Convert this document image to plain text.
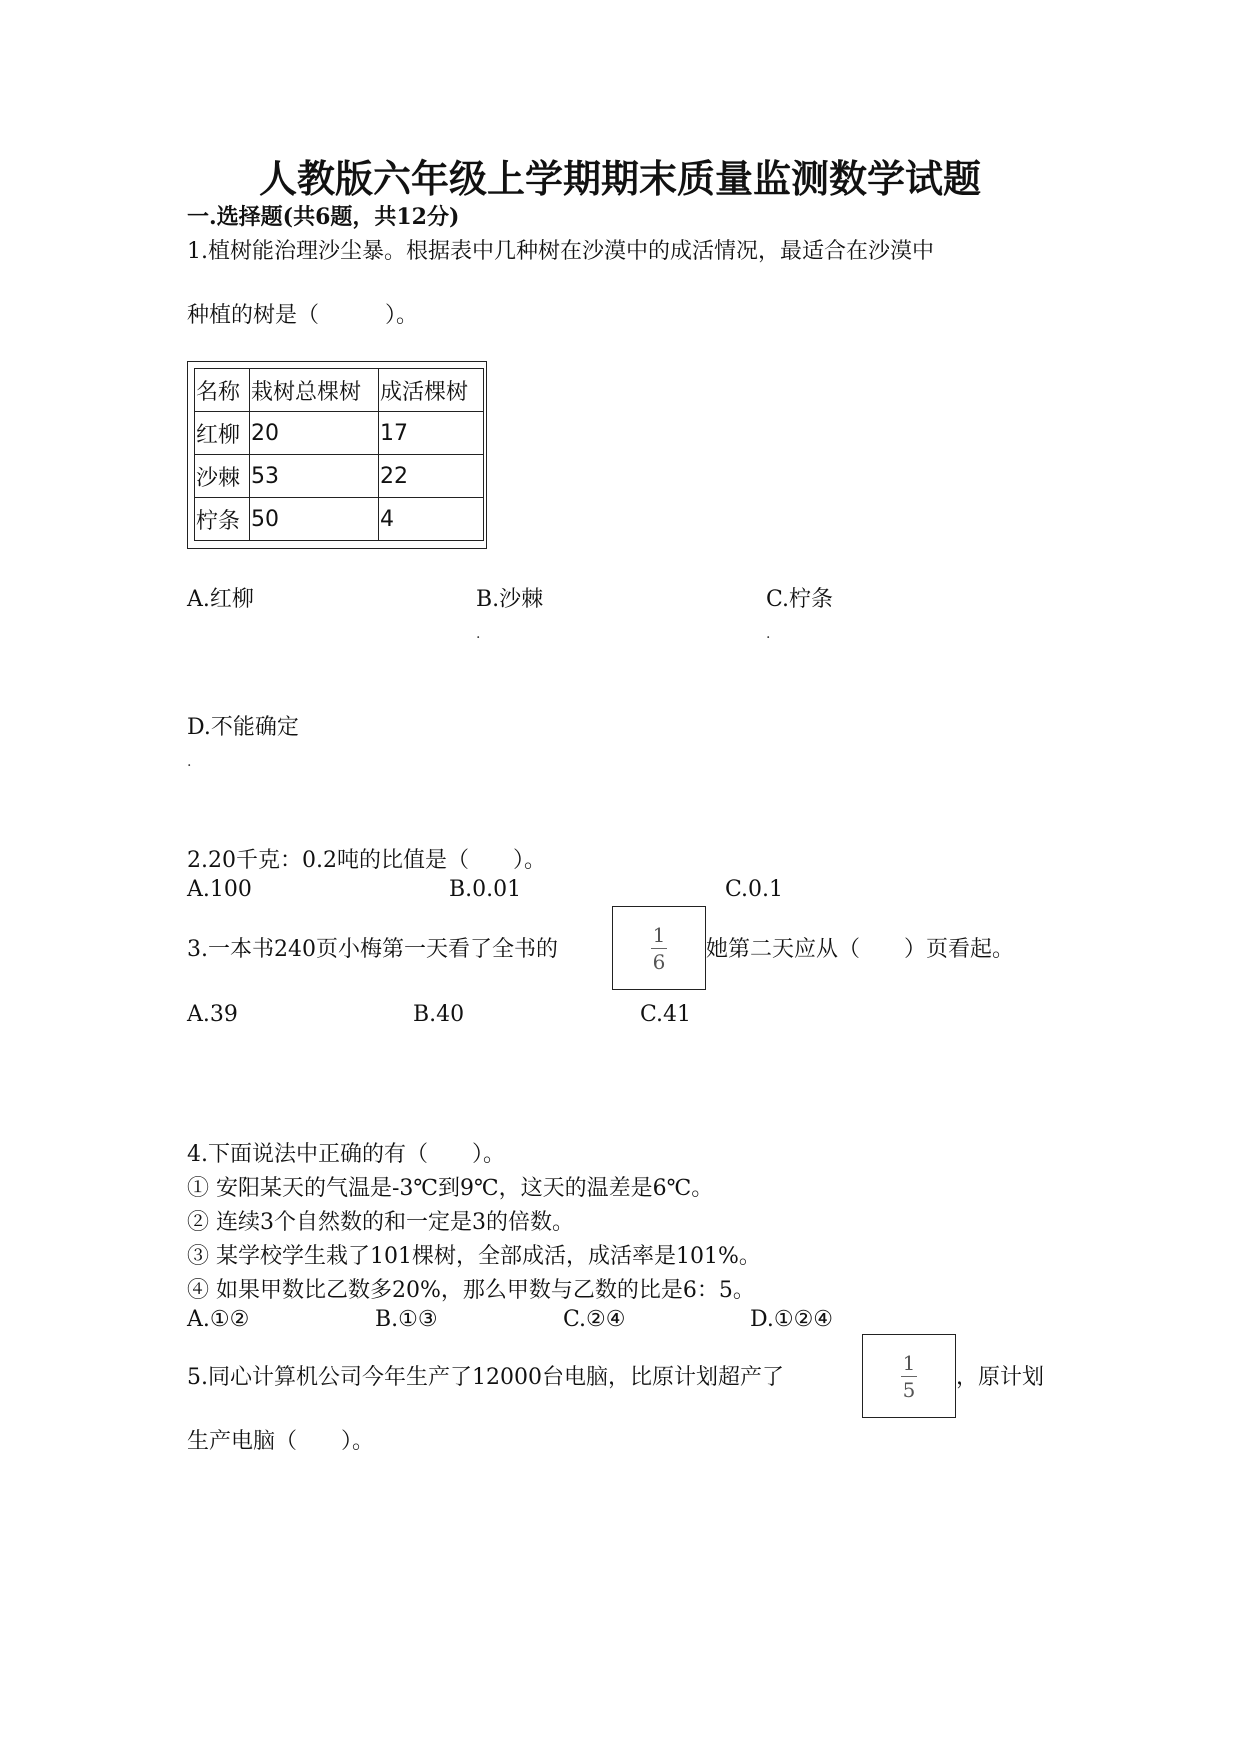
人教版六年级上学期期末质量监测数学试题
一.选择题(共6题，共12分)
1.植树能治理沙尘暴。根据表中几种树在沙漠中的成活情况，最适合在沙漠中
种植的树是（　　　）。
名称	栽树总棵树	成活棵树
红柳	20	17
沙棘	53	22
柠条	50	4
A.红柳	B.沙棘	C.柠条
.	.
D.不能确定
.
2.20千克：0.2吨的比值是（　　）。
A.100	B.0.01	C.0.1
3.一本书240页小梅第一天看了全书的	$\frac{1}{6}$ 她第二天应从（　　）页看起。
A.39	B.40	C.41
4.下面说法中正确的有（　　）。
① 安阳某天的气温是-3℃到9℃，这天的温差是6℃。
② 连续3个自然数的和一定是3的倍数。
③ 某学校学生栽了101棵树，全部成活，成活率是101%。
④ 如果甲数比乙数多20%，那么甲数与乙数的比是6：5。
A.①②	B.①③	C.②④	D.①②④
5.同心计算机公司今年生产了12000台电脑，比原计划超产了	$\frac{1}{5}$ ，原计划
生产电脑（　　）。
